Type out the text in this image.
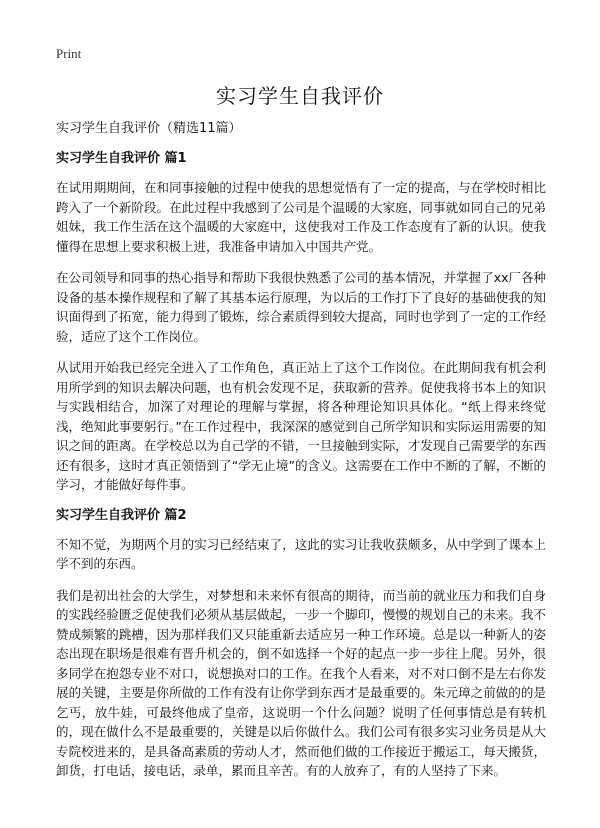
Print
实习学生自我评价

实习学生自我评价（精选11篇）

实习学生自我评价 篇1

在试用期期间，在和同事接触的过程中使我的思想觉悟有了一定的提高，与在学校时相比跨入了一个新阶段。在此过程中我感到了公司是个温暖的大家庭，同事就如同自己的兄弟姐妹，我工作生活在这个温暖的大家庭中，这使我对工作及工作态度有了新的认识。使我懂得在思想上要求积极上进，我准备申请加入中国共产党。

在公司领导和同事的热心指导和帮助下我很快熟悉了公司的基本情况，并掌握了xx厂各种设备的基本操作规程和了解了其基本运行原理，为以后的工作打下了良好的基础使我的知识面得到了拓宽，能力得到了锻炼，综合素质得到较大提高，同时也学到了一定的工作经验，适应了这个工作岗位。

从试用开始我已经完全进入了工作角色，真正站上了这个工作岗位。在此期间我有机会利用所学到的知识去解决问题，也有机会发现不足，获取新的营养。促使我将书本上的知识与实践相结合，加深了对理论的理解与掌握，将各种理论知识具体化。“纸上得来终觉浅，绝知此事要躬行。”在工作过程中，我深深的感觉到自己所学知识和实际运用需要的知识之间的距离。在学校总以为自己学的不错，一旦接触到实际，才发现自己需要学的东西还有很多，这时才真正领悟到了“学无止境”的含义。这需要在工作中不断的了解，不断的学习，才能做好每件事。

实习学生自我评价 篇2

不知不觉，为期两个月的实习已经结束了，这此的实习让我收获颇多，从中学到了课本上学不到的东西。

我们是初出社会的大学生，对梦想和未来怀有很高的期待，而当前的就业压力和我们自身的实践经验匮乏促使我们必须从基层做起，一步一个脚印，慢慢的规划自己的未来。我不赞成频繁的跳槽，因为那样我们又只能重新去适应另一种工作环境。总是以一种新人的姿态出现在职场是很难有晋升机会的，倒不如选择一个好的起点一步一步往上爬。另外，很多同学在抱怨专业不对口，说想换对口的工作。在我个人看来，对不对口倒不是左右你发展的关键，主要是你所做的工作有没有让你学到东西才是最重要的。朱元璋之前做的的是乞丐，放牛娃，可最终他成了皇帝，这说明一个什么问题？说明了任何事情总是有转机的，现在做什么不是最重要的，关键是以后你做什么。我们公司有很多实习业务员是从大专院校进来的，是具备高素质的劳动人才，然而他们做的工作接近于搬运工，每天搬货，卸货，打电话，接电话，录单，累而且辛苦。有的人放弃了，有的人坚持了下来。
